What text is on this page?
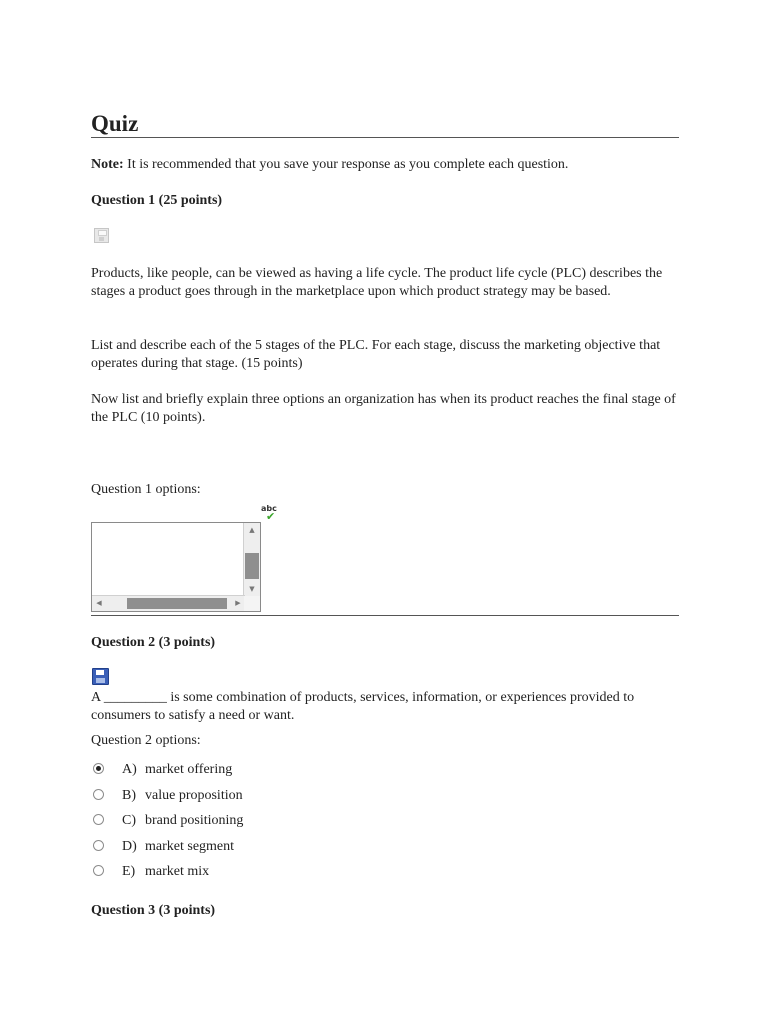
Quiz

Note: It is recommended that you save your response as you complete each question.

Question 1 (25 points)

Products, like people, can be viewed as having a life cycle. The product life cycle (PLC) describes the stages a product goes through in the marketplace upon which product strategy may be based.

List and describe each of the 5 stages of the PLC. For each stage, discuss the marketing objective that operates during that stage. (15 points)

Now list and briefly explain three options an organization has when its product reaches the final stage of the PLC (10 points).

Question 1 options:

abc
✔
▲
▼
◀	▶

Question 2 (3 points)

A _________ is some combination of products, services, information, or experiences provided to consumers to satisfy a need or want.

Question 2 options:

A) market offering
B) value proposition
C) brand positioning
D) market segment
E) market mix

Question 3 (3 points)
